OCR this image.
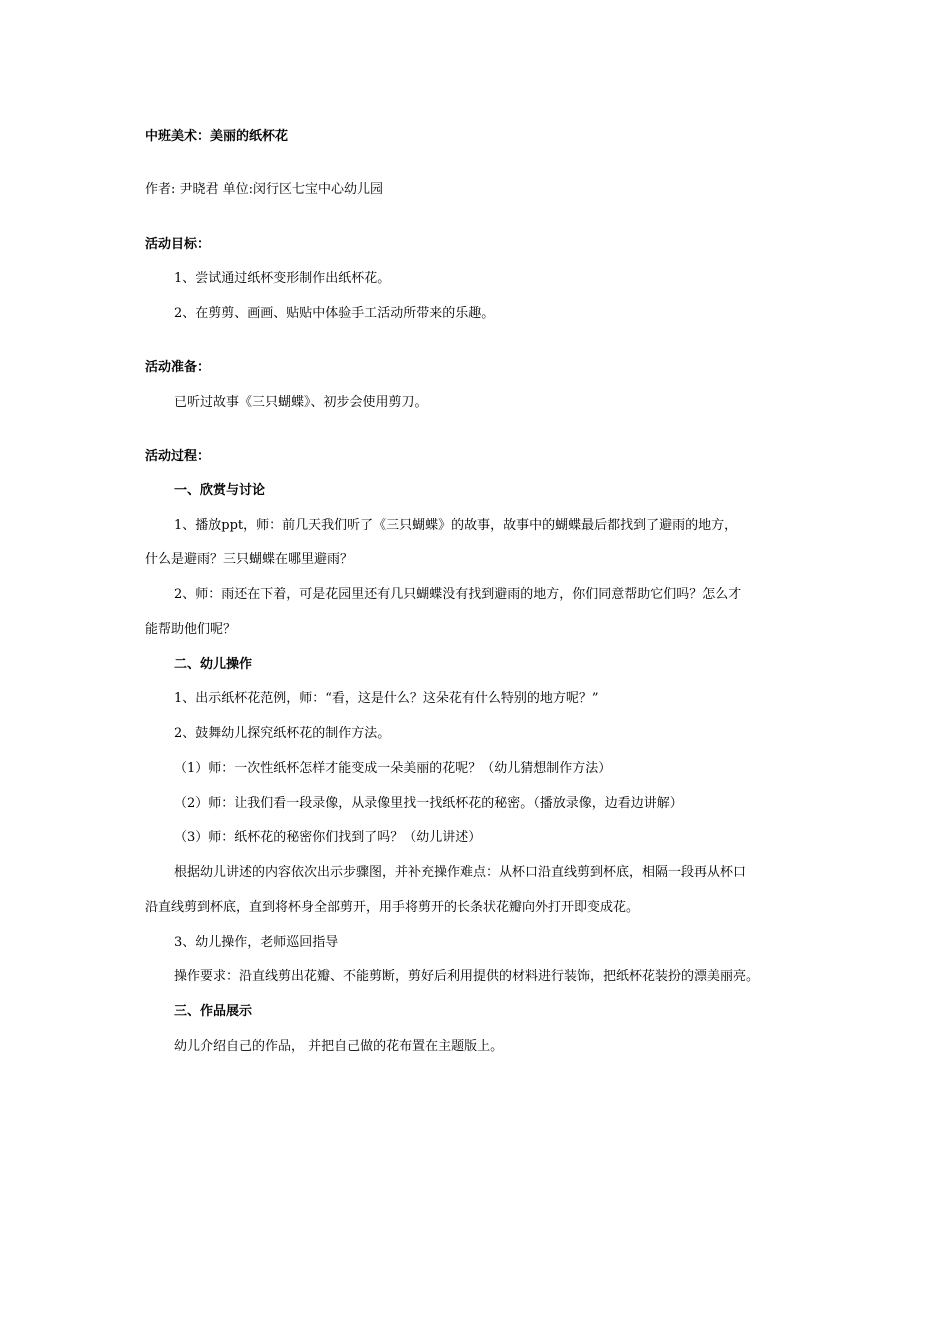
中班美术：美丽的纸杯花
作者: 尹晓君 单位:闵行区七宝中心幼儿园
活动目标：
1、尝试通过纸杯变形制作出纸杯花。
2、在剪剪、画画、贴贴中体验手工活动所带来的乐趣。
活动准备：
已听过故事《三只蝴蝶》、初步会使用剪刀。
活动过程：
一、欣赏与讨论
1、播放ppt，师：前几天我们听了《三只蝴蝶》的故事，故事中的蝴蝶最后都找到了避雨的地方，
什么是避雨？三只蝴蝶在哪里避雨？
2、师：雨还在下着，可是花园里还有几只蝴蝶没有找到避雨的地方，你们同意帮助它们吗？怎么才
能帮助他们呢？
二、幼儿操作
1、出示纸杯花范例，师：“看，这是什么？这朵花有什么特别的地方呢？”
2、鼓舞幼儿探究纸杯花的制作方法。
（1）师：一次性纸杯怎样才能变成一朵美丽的花呢？（幼儿猜想制作方法）
（2）师：让我们看一段录像，从录像里找一找纸杯花的秘密。（播放录像，边看边讲解）
（3）师：纸杯花的秘密你们找到了吗？（幼儿讲述）
根据幼儿讲述的内容依次出示步骤图，并补充操作难点：从杯口沿直线剪到杯底，相隔一段再从杯口
沿直线剪到杯底，直到将杯身全部剪开，用手将剪开的长条状花瓣向外打开即变成花。
3、幼儿操作，老师巡回指导
操作要求：沿直线剪出花瓣、不能剪断，剪好后利用提供的材料进行装饰，把纸杯花装扮的漂美丽亮。
三、作品展示
幼儿介绍自己的作品， 并把自己做的花布置在主题版上。
